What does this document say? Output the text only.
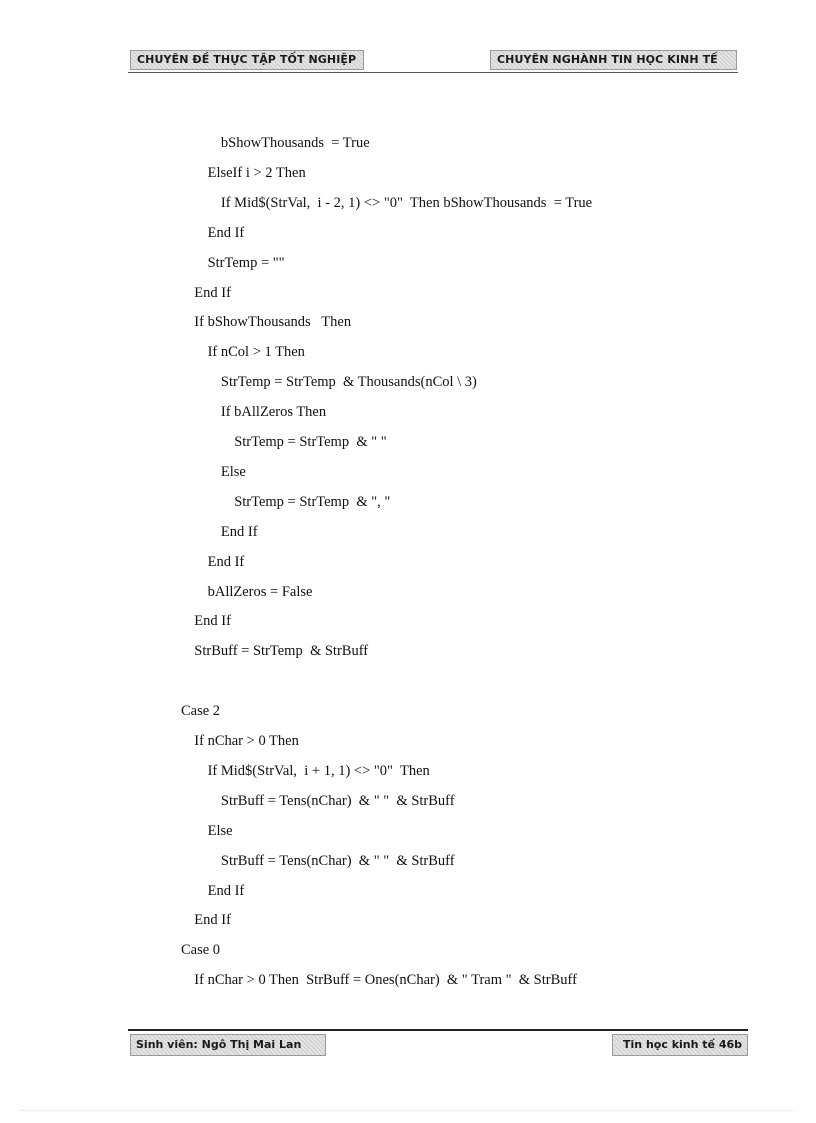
CHUYÊN ĐỀ THỰC TẬP TỐT NGHIỆP	CHUYÊN NGHÀNH TIN HỌC KINH TẾ
bShowThousands  = True
ElseIf i > 2 Then
If Mid$(StrVal,  i - 2, 1) <> "0"  Then bShowThousands  = True
End If
StrTemp = ""
End If
If bShowThousands   Then
If nCol > 1 Then
StrTemp = StrTemp  & Thousands(nCol \ 3)
If bAllZeros Then
StrTemp = StrTemp  & " "
Else
StrTemp = StrTemp  & ", "
End If
End If
bAllZeros = False
End If
StrBuff = StrTemp  & StrBuff
Case 2
If nChar > 0 Then
If Mid$(StrVal,  i + 1, 1) <> "0"  Then
StrBuff = Tens(nChar)  & " "  & StrBuff
Else
StrBuff = Tens(nChar)  & " "  & StrBuff
End If
End If
Case 0
If nChar > 0 Then  StrBuff = Ones(nChar)  & " Tram "  & StrBuff
Sinh viên: Ngô Thị Mai Lan	Tin học kinh tế 46b
